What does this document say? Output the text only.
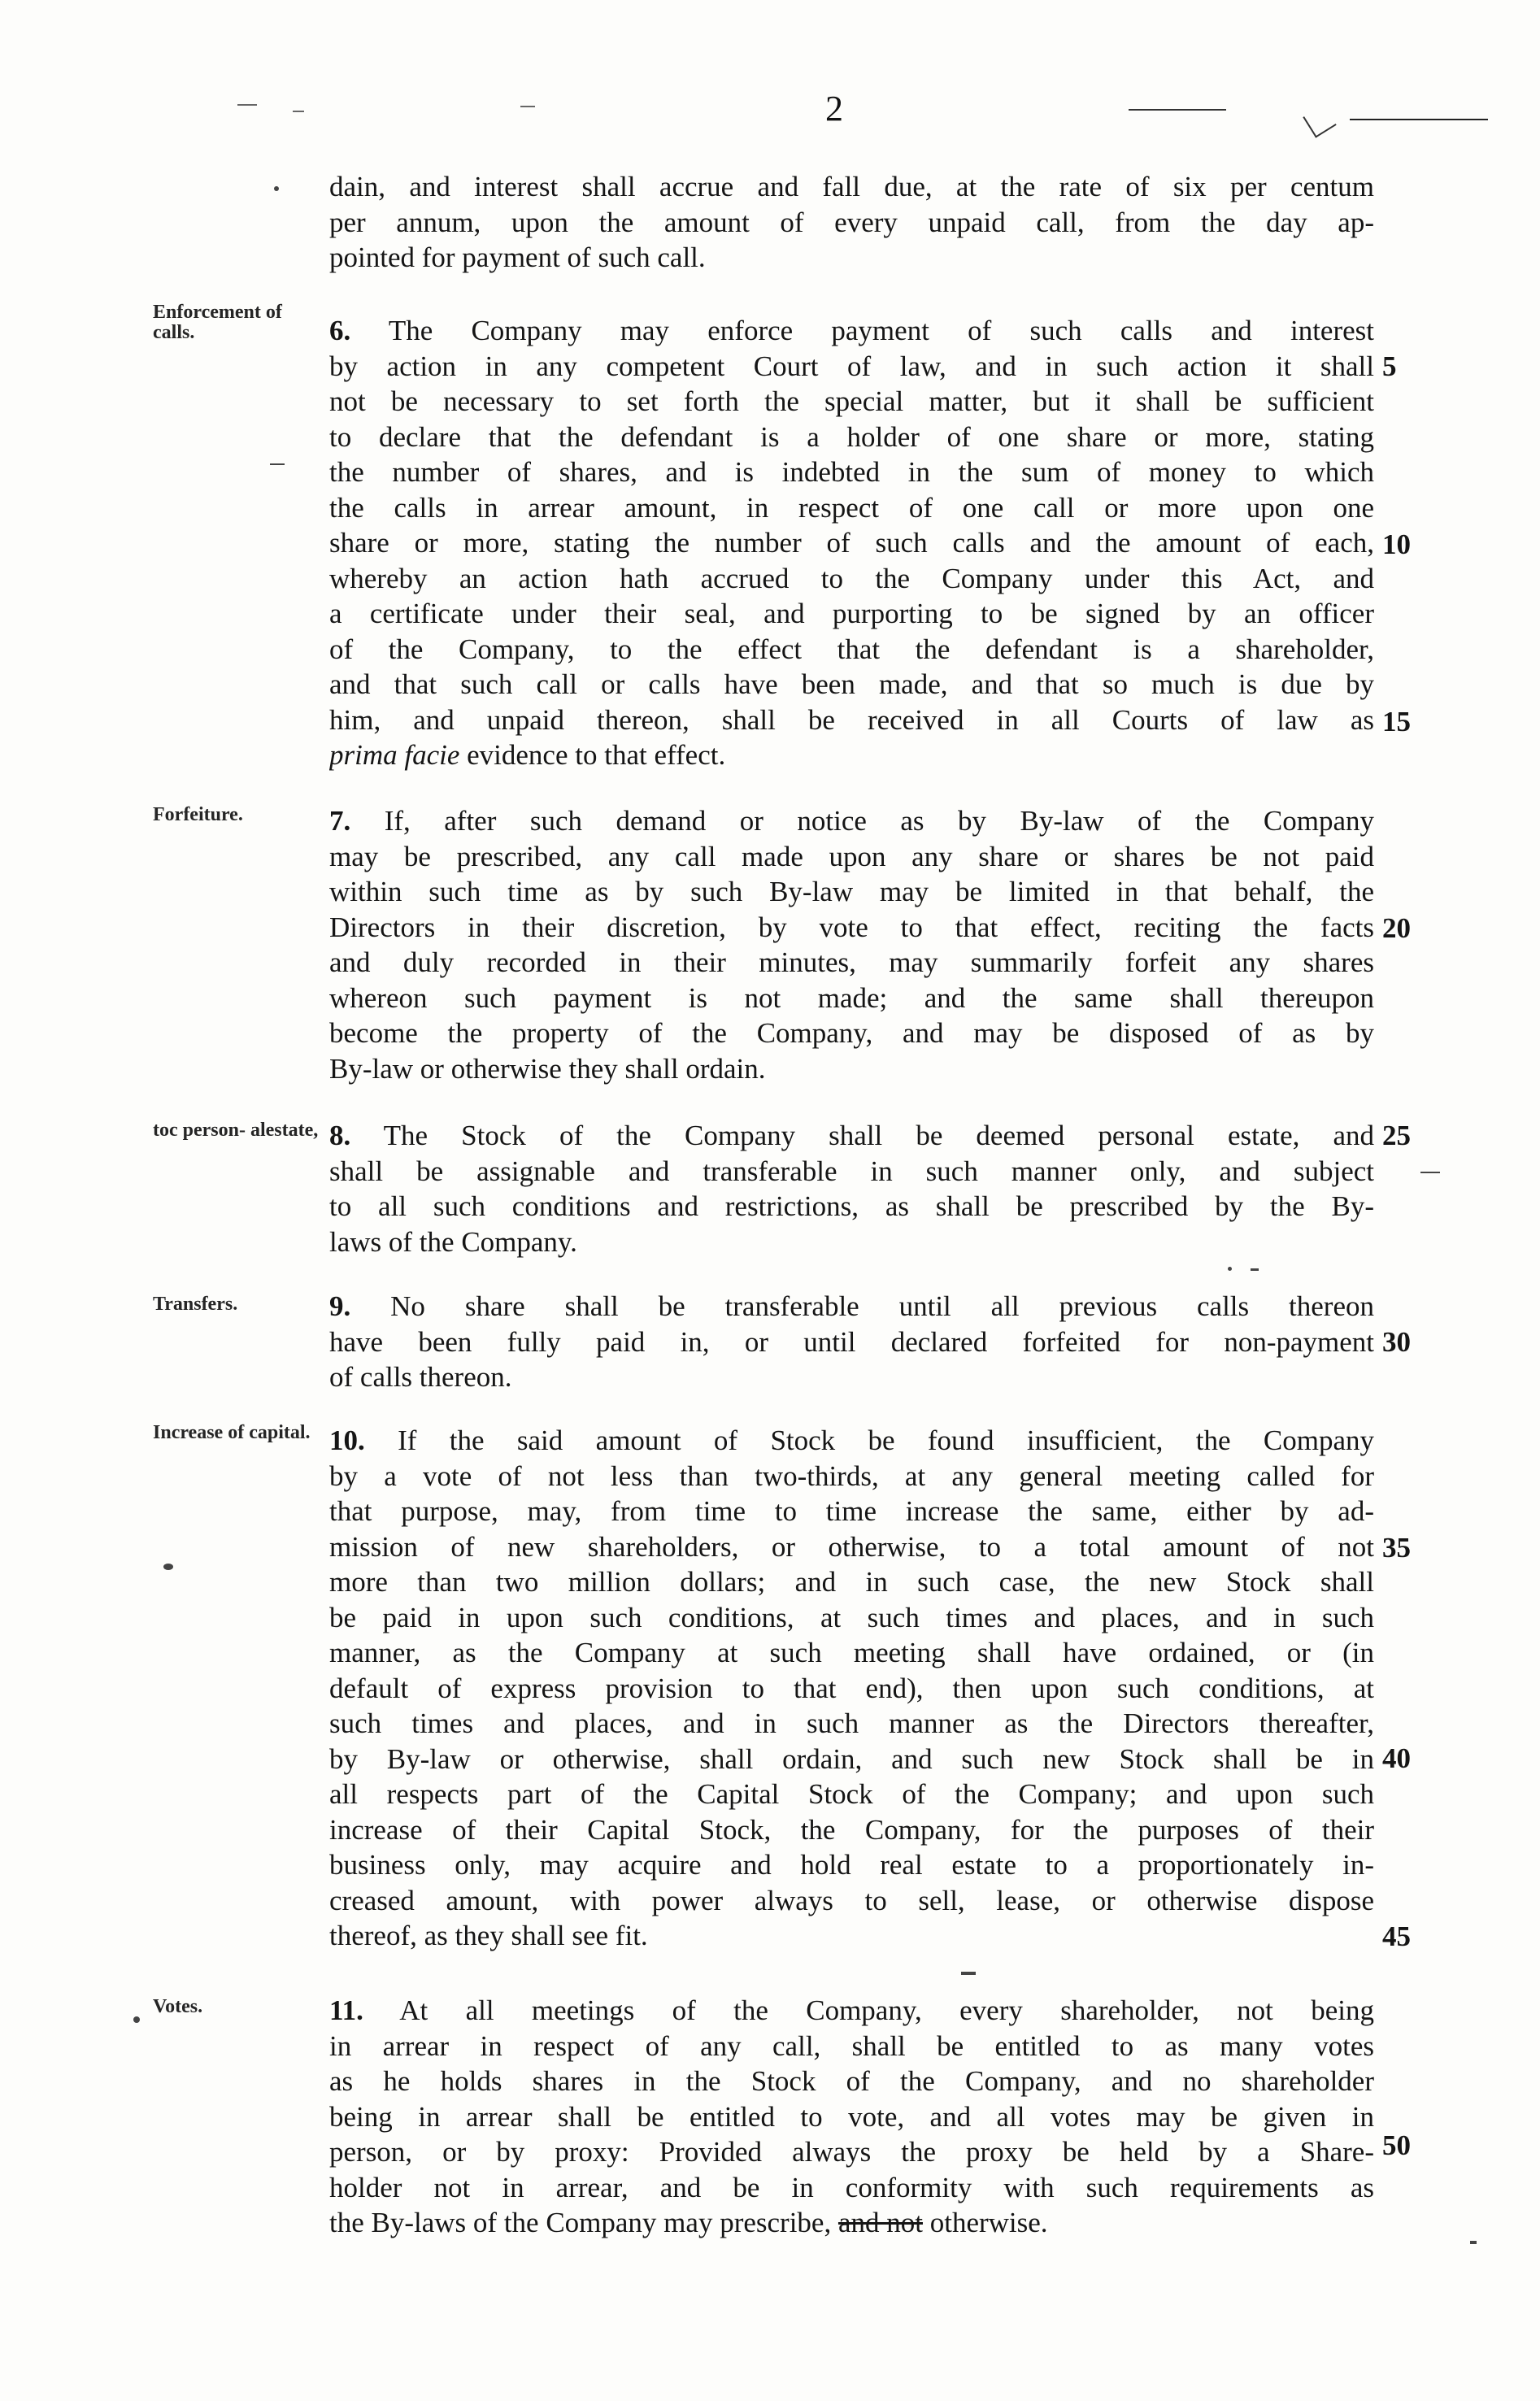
2
Enforcement of calls.
Forfeiture.
toc person- alestate,
Transfers.
Increase of capital.
Votes.
5
10
15
20
25
30
35
40
45
50
dain, and interest shall accrue and fall due, at the rate of six per centum
per annum, upon the amount of every unpaid call, from the day ap-
pointed for payment of such call.
6. The Company may enforce payment of such calls and interest
by action in any competent Court of law, and in such action it shall
not be necessary to set forth the special matter, but it shall be sufficient
to declare that the defendant is a holder of one share or more, stating
the number of shares, and is indebted in the sum of money to which
the calls in arrear amount, in respect of one call or more upon one
share or more, stating the number of such calls and the amount of each,
whereby an action hath accrued to the Company under this Act, and
a certificate under their seal, and purporting to be signed by an officer
of the Company, to the effect that the defendant is a shareholder,
and that such call or calls have been made, and that so much is due by
him, and unpaid thereon, shall be received in all Courts of law as
prima facie evidence to that effect.
7. If, after such demand or notice as by By-law of the Company
may be prescribed, any call made upon any share or shares be not paid
within such time as by such By-law may be limited in that behalf, the
Directors in their discretion, by vote to that effect, reciting the facts
and duly recorded in their minutes, may summarily forfeit any shares
whereon such payment is not made; and the same shall thereupon
become the property of the Company, and may be disposed of as by
By-law or otherwise they shall ordain.
8. The Stock of the Company shall be deemed personal estate, and
shall be assignable and transferable in such manner only, and subject
to all such conditions and restrictions, as shall be prescribed by the By-
laws of the Company.
9. No share shall be transferable until all previous calls thereon
have been fully paid in, or until declared forfeited for non-payment
of calls thereon.
10. If the said amount of Stock be found insufficient, the Company
by a vote of not less than two-thirds, at any general meeting called for
that purpose, may, from time to time increase the same, either by ad-
mission of new shareholders, or otherwise, to a total amount of not
more than two million dollars; and in such case, the new Stock shall
be paid in upon such conditions, at such times and places, and in such
manner, as the Company at such meeting shall have ordained, or (in
default of express provision to that end), then upon such conditions, at
such times and places, and in such manner as the Directors thereafter,
by By-law or otherwise, shall ordain, and such new Stock shall be in
all respects part of the Capital Stock of the Company; and upon such
increase of their Capital Stock, the Company, for the purposes of their
business only, may acquire and hold real estate to a proportionately in-
creased amount, with power always to sell, lease, or otherwise dispose
thereof, as they shall see fit.
11. At all meetings of the Company, every shareholder, not being
in arrear in respect of any call, shall be entitled to as many votes
as he holds shares in the Stock of the Company, and no shareholder
being in arrear shall be entitled to vote, and all votes may be given in
person, or by proxy: Provided always the proxy be held by a Share-
holder not in arrear, and be in conformity with such requirements as
the By-laws of the Company may prescribe, and not otherwise.
